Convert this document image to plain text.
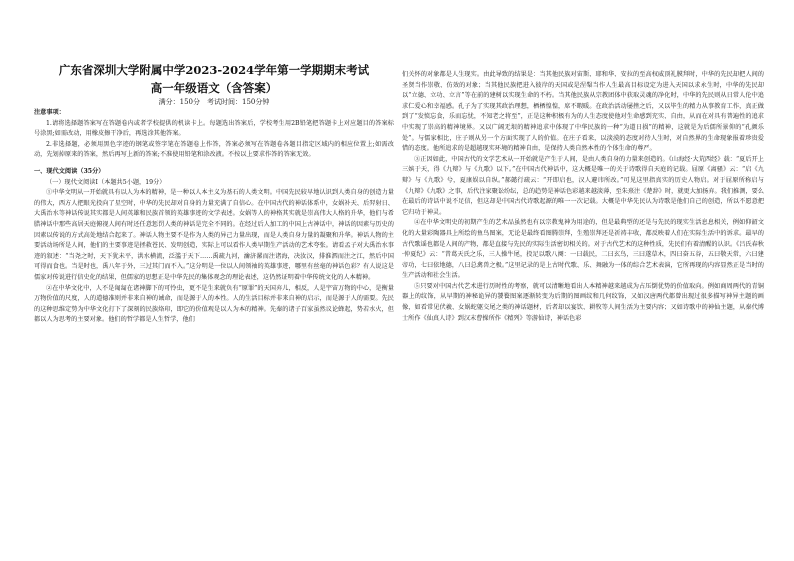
广东省深圳大学附属中学2023-2024学年第一学期期末考试
高一年级语文（含答案）
满分：150分　考试时间：150分钟

注意事项：

1.请将选择题答案写在答题卷内或者学校提供的机读卡上。每题选出答案后，学校考生用2B铅笔把答题卡上对应题目的答案标号涂黑;如需改动，用橡皮擦干净后，再选涂其他答案。

2.非选择题，必须用黑色字迹的钢笔或签字笔在答题卷上作答，答案必须写在答题卷各题目指定区域内的相应位置上;如需改动，先划掉原来的答案，然后再写上新的答案;不准使用铅笔和涂改液。不按以上要求作答的答案无效。

一、现代文阅读（35分）

（一）现代文阅读Ⅰ（本题共5小题，19分）

①中华文明从一开始就具有以人为本的精神，是一种以人本主义为基石的人类文明。中国先民较早地认识到人类自身的创造力量的伟大，西方人把眼光投向了星空时，中华的先民却对自身的力量充满了自信心。在中国古代的神话体系中，女娲补天、后羿射日、大禹治水等神话传说其实都是人间英雄和民族首领的英雄事迹的文学表述。女娲等人的神格其实就是崇高伟大人格的升华，他们与希腊神话中那些高居天庭俯视人间有时还任意惩罚人类的神话是完全不同的。在经过后人加工的中国上古神话中，神话的因素与历史的因素以传说的方式高处地结合起来了。神话人物主要不是作为人类的异己力量出现，而是人类自身力量的凝聚和升华。神话人物的主要活动场所是人间，他们的主要事迹是拯救苍民、发明创造，实际上可以看作人类早期生产活动的艺术夸张。请看孟子对大禹治水事迹的叙述：“当尧之时，天下犹未平，洪水横流，泛滥于天下……禹疏九河，瀹济漯而注诸海，决汝汉，排淮泗而注之江，然后中国可得而食也。当是时也，禹八年于外，三过其门而不入。”这分明是一位以人间领袖的英雄事迹，哪里有丝毫的神话色彩？有人说这是儒家对传说进行信史化的结果，但儒家的思想正是中华先民的集体观念的理论表述，这仍然证明着中华传统文化的人本精神。

②在中华文化中，人不是匍匐在诸神脚下的可怜虫，更不是生来就负有“原罪”的天国弃儿，相反，人是宇宙万物的中心，是衡量万物价值的尺度，人的道德准则并非来自神的诫命，而是源于人的本性。人的生活目标并非来自神的启示，而是源于人的需要。先民的这种思维定势为中华文化打下了深刻的民族烙印，即它的价值观是以人为本的精神。先秦的诸子百家虽然议论蜂起，势若水火，但都以人为思考的主要对象。他们的哲学都是人生哲学，他们

们关怀的对象都是人生现实。由此导致的结果是：当其他民族对宙斯、耶和华、安拉的至高权威顶礼膜拜时，中华的先民却把人间的圣贤当作崇敬、仿效的对象；当其他民族把进入彼岸的天国或是涅槃当作人生最高目标设定为进入天国以求永生时，中华的先民却以“立德、立功、立言”等在前的建树以实现生命的不朽。当其他民族从宗教团体中获取灵魂的净化时，中华的先民则从日常人伦中追求仁爱心和幸福感。孔子为了实现其政治理想，栖栖惶惶，席不暇暖。在政治活动屡挫之后，又以毕生的精力从事教育工作，真正做到了“发愤忘食，乐而忘忧，不知老之将至”，正是这种积极有为的人生态度使他对生命感到充实、自由，从而在对具有普遍性的追求中实现了崇高的精神境界。又以广阔无垠的精神追求中体现了中华民族的一种“为道日损”的精神，这就是为后儒所景仰的“孔颜乐处”。与儒家相比，庄子则从另一个方面实现了人的价值。在庄子看来，以淡漠的态度对待人生时，对自然界的生命现象报着珍贵爱惜的态度。他所追求的是超越现实环境的精神自由，是保持人类自然本性的个体生命的尊严。

③正因如此，中国古代的文学艺术从一开始就是产生于人间，是由人类自身的力量来创造的。《山海经·大荒西经》载：“夏后开上三嫔于天，得《九辩》与《九歌》以下。”在中国古代神话中，这大概是唯一的关于诗歌得自天庭的记载。屈原《离骚》云：“启《九辩》与《九歌》兮，夏康娱以自纵。”郝懿行疏云：“开即启也，汉人避讳所改。”可见这里指真实的历史人物启。对于屈原所称启与《九辩》《九歌》之事，后代注家聚讼纷纭，总的趋势是神话色彩越来越淡薄，至朱熹注《楚辞》时，就更大加扬弃。我们推测，要么在最后的诗话中说不足信，但这却是中国古代诗歌起源的唯一一次记载。大概是中华先民认为诗歌是他们自己的创造，所以不愿意把它归功于神灵。

④在中华文明史的初期产生的艺术品虽然也有以宗教鬼神为用途的，但是最典型的还是与先民的现实生活息息相关，例如仰韶文化的大量彩陶器具上所绘的鱼鸟图案，无论是最终看图腾崇拜，生殖崇拜还是祈祷丰收，都反映着人们在实际生活中的诉求。最早的古代歌谣也都是人间的产物，都是直接与先民的实际生活密切相关的。对于古代艺术的这种性质，先民们有着清醒的认识。《吕氏春秋·仲夏纪》云：“昔葛天氏之乐，三人操牛尾，投足以歌八阕：一曰载民，二曰玄鸟，三曰遂草木，四曰奋五谷，五曰敬天常，六曰建帝功，七曰依地德，八曰总禽兽之极。”这里记录的是上古时代歌、乐、舞融为一体的综合艺术表演，它所再现的内容显然正是当时的生产活动和社会生活。

⑤只要对中国古代艺术进行历时性的考察，就可以清晰地看出人本精神越来越成为占压倒优势的价值取向。例如商周两代的青铜器上的纹饰，从早期的神秘诡异的饕餮图案逐渐转变为后期的图画纹和几何纹饰，又如汉唐两代都曾出现过很多描写神异主题的画像，如看常见伏羲、女娲蛇躯交尾之类的神话题材，后者却以宴饮、耕牧等人间生活为主要内容；又如诗歌中的神仙主题，从秦代博士所作《仙真人诗》到汉末曹操所作《精列》等游仙诗，神话色彩
